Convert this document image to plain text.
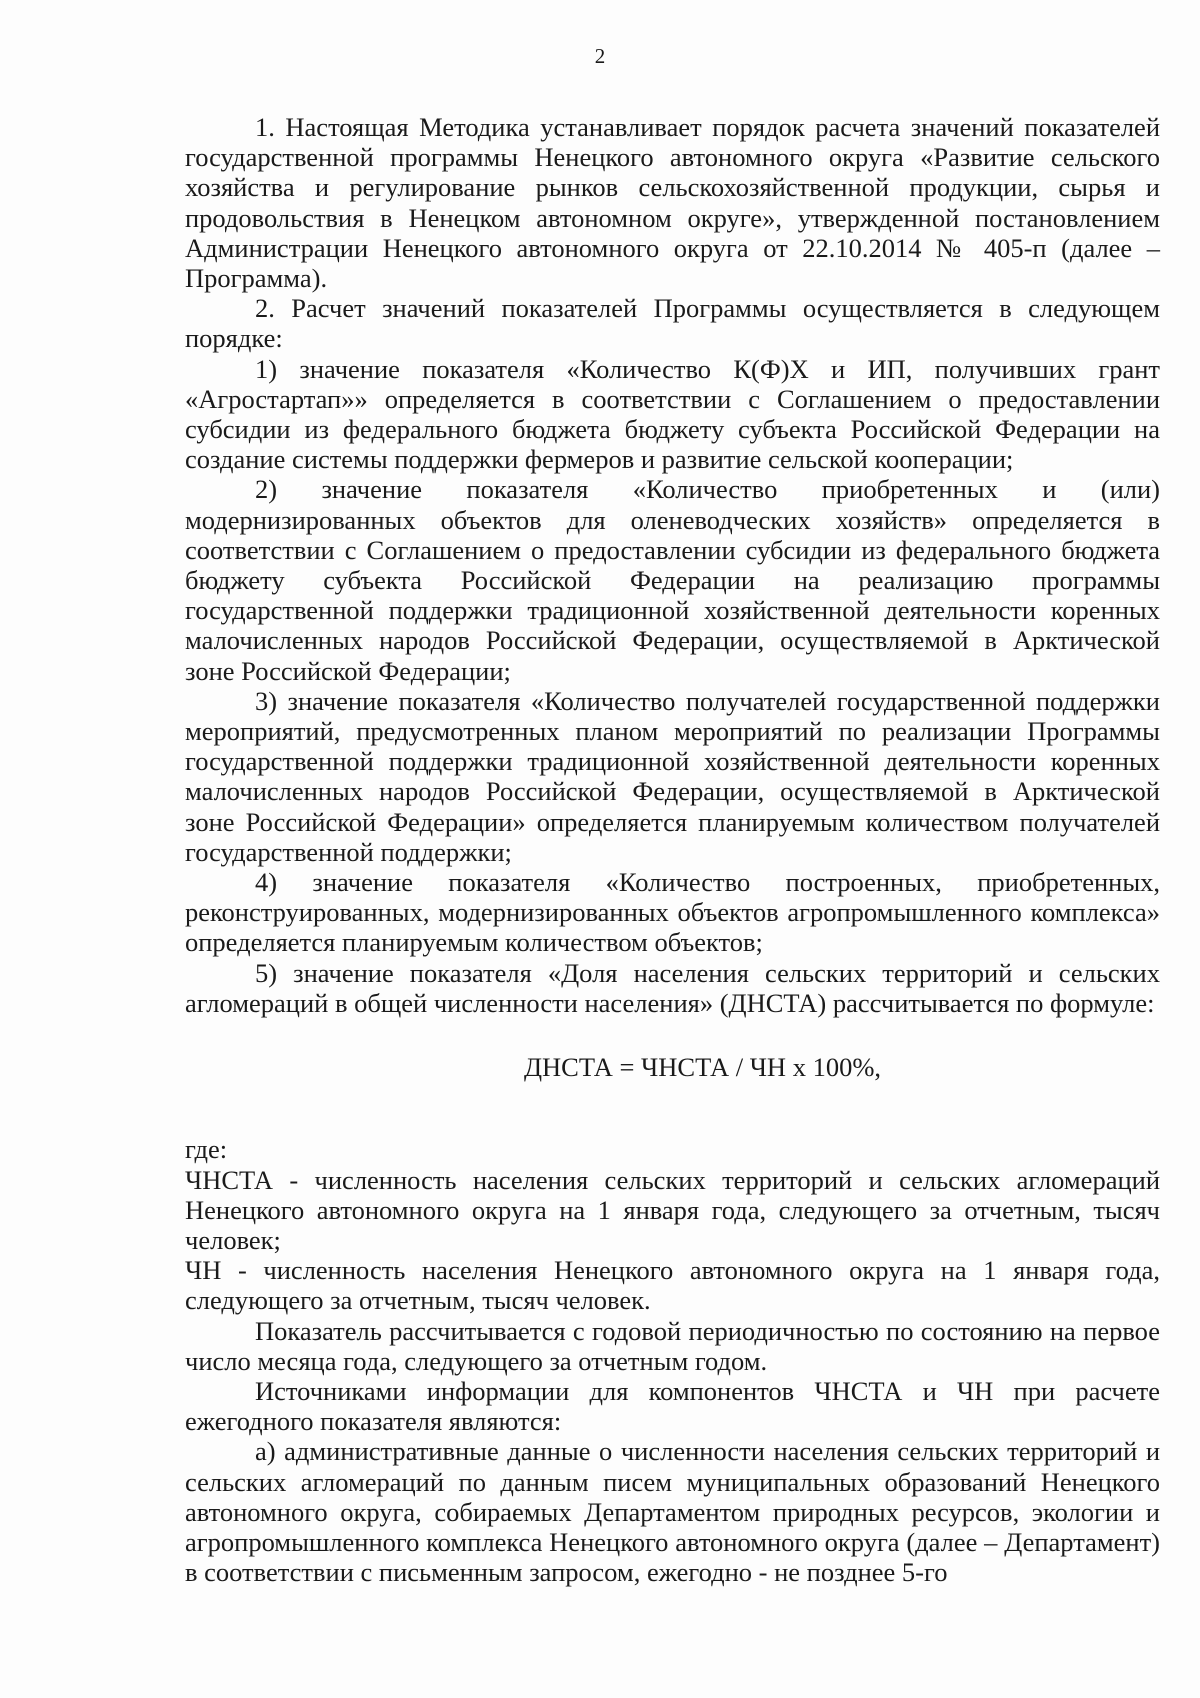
2

1. Настоящая Методика устанавливает порядок расчета значений показателей государственной программы Ненецкого автономного округа «Развитие сельского хозяйства и регулирование рынков сельскохозяйственной продукции, сырья и продовольствия в Ненецком автономном округе», утвержденной постановлением Администрации Ненецкого автономного округа от 22.10.2014 № 405-п (далее – Программа).

2. Расчет значений показателей Программы осуществляется в следующем порядке:

1) значение показателя «Количество К(Ф)Х и ИП, получивших грант «Агростартап»» определяется в соответствии с Соглашением о предоставлении субсидии из федерального бюджета бюджету субъекта Российской Федерации на создание системы поддержки фермеров и развитие сельской кооперации;

2) значение показателя «Количество приобретенных и (или) модернизированных объектов для оленеводческих хозяйств» определяется в соответствии с Соглашением о предоставлении субсидии из федерального бюджета бюджету субъекта Российской Федерации на реализацию программы государственной поддержки традиционной хозяйственной деятельности коренных малочисленных народов Российской Федерации, осуществляемой в Арктической зоне Российской Федерации;

3) значение показателя «Количество получателей государственной поддержки мероприятий, предусмотренных планом мероприятий по реализации Программы государственной поддержки традиционной хозяйственной деятельности коренных малочисленных народов Российской Федерации, осуществляемой в Арктической зоне Российской Федерации» определяется планируемым количеством получателей государственной поддержки;

4) значение показателя «Количество построенных, приобретенных, реконструированных, модернизированных объектов агропромышленного комплекса» определяется планируемым количеством объектов;

5) значение показателя «Доля населения сельских территорий и сельских агломераций в общей численности населения» (ДНСТА) рассчитывается по формуле:

ДНСТА = ЧНСТА / ЧН х 100%,

где:

ЧНСТА - численность населения сельских территорий и сельских агломераций Ненецкого автономного округа на 1 января года, следующего за отчетным, тысяч человек;

ЧН - численность населения Ненецкого автономного округа на 1 января года, следующего за отчетным, тысяч человек.

Показатель рассчитывается с годовой периодичностью по состоянию на первое число месяца года, следующего за отчетным годом.

Источниками информации для компонентов ЧНСТА и ЧН при расчете ежегодного показателя являются:

а) административные данные о численности населения сельских территорий и сельских агломераций по данным писем муниципальных образований Ненецкого автономного округа, собираемых Департаментом природных ресурсов, экологии и агропромышленного комплекса Ненецкого автономного округа (далее – Департамент) в соответствии с письменным запросом, ежегодно - не позднее 5-го
